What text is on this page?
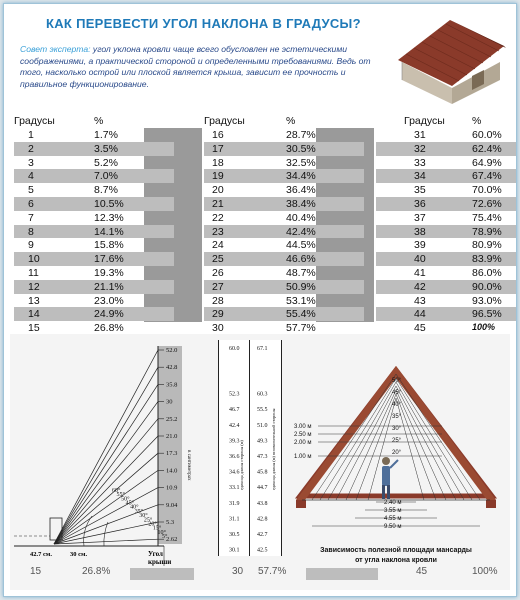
КАК ПЕРЕВЕСТИ УГОЛ НАКЛОНА В ГРАДУСЫ?
Совет эксперта: угол уклона кровли чаще всего обусловлен не эстетическими соображениями, а практической стороной и определенными требованиями. Ведь от того, насколько острой или плоской является крыша, зависит ее прочность и правильное функционирование.
Градусы	%
1	1.7%
2	3.5%
3	5.2%
4	7.0%
5	8.7%
6	10.5%
7	12.3%
8	14.1%
9	15.8%
10	17.6%
11	19.3%
12	21.1%
13	23.0%
14	24.9%
15	26.8%
Градусы	%
16	28.7%
17	30.5%
18	32.5%
19	34.4%
20	36.4%
21	38.4%
22	40.4%
23	42.4%
24	44.5%
25	46.6%
26	48.7%
27	50.9%
28	53.1%
29	55.4%
30	57.7%
Градусы	%
31	60.0%
32	62.4%
33	64.9%
34	67.4%
35	70.0%
36	72.6%
37	75.4%
38	78.9%
39	80.9%
40	83.9%
41	86.0%
42	90.0%
43	93.0%
44	96.5%
45	100%
52.0
42.8
35.8
30
25.2
21.0
17.3
14.0
10.9
9.04
5.3
2.62
60°
55°
50°
45°
40°
35°
30°
25°
20°
15°
10°
5°
42.7 см.	30 см.	Угол
крыши
в сантиметрах
60.0
52.3
46.7
42.4
39.3
36.6
34.6
33.1
31.9
31.1
30.5
30.1
67.1
60.3
55.5
51.0
49.3
47.3
45.8
44.7
43.8
42.8
42.7
42.5
единица длины стороны (м)	единица длины (м) вспомогательной стороны	3.00 м
2.50 м
2.00 м
1.00 м
50°
45°
40°
35°
30°
25°
20°
2.40 м
3.55 м
4.55 м
9.50 м
Зависимость полезной площади мансарды
от угла наклона кровли
15	26.8%	30 57.7%	45	100%
